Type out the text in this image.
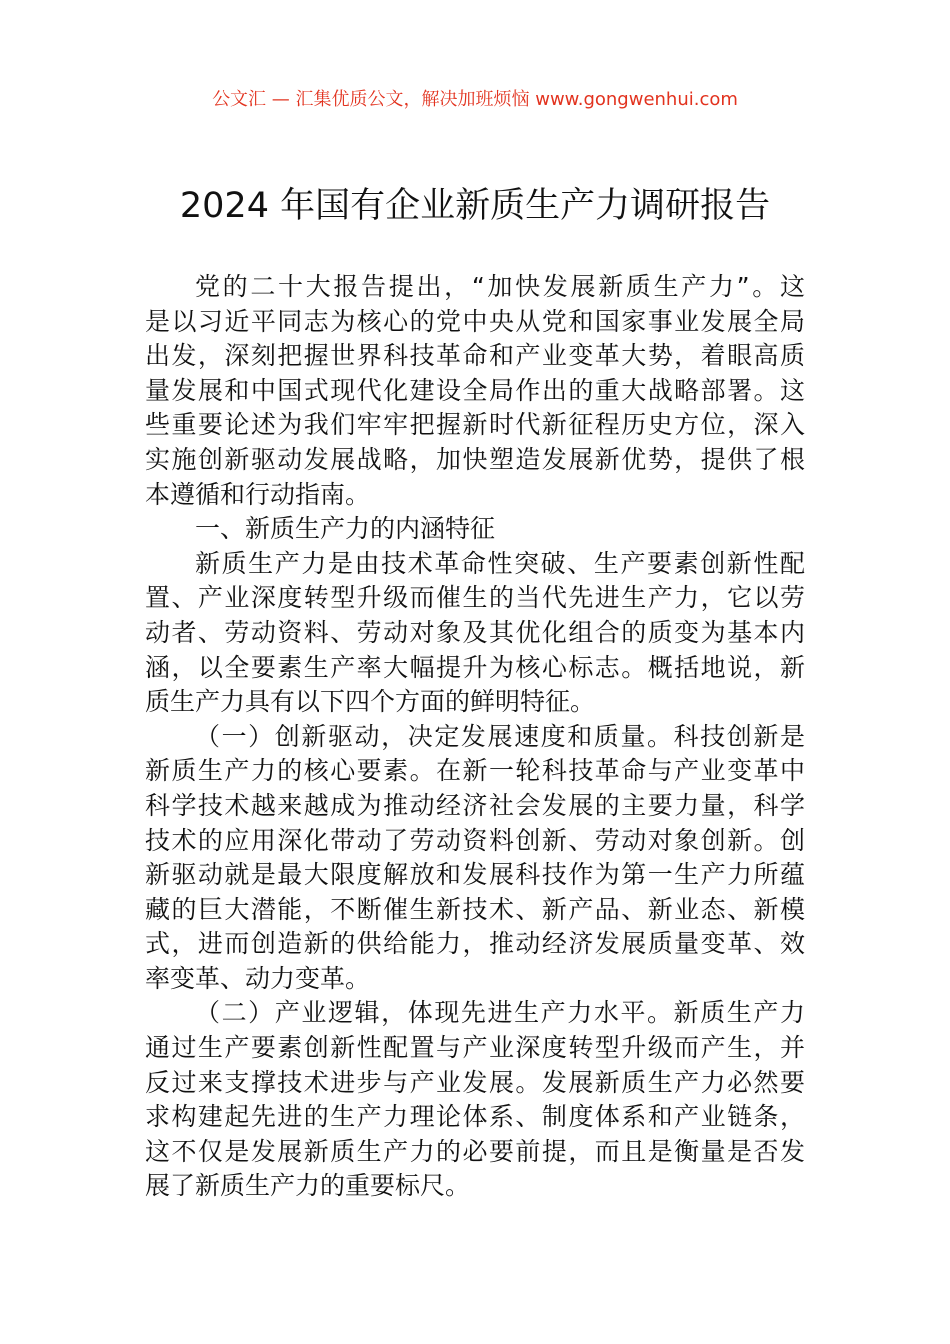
公文汇 — 汇集优质公文，解决加班烦恼 www.gongwenhui.com
2024 年国有企业新质生产力调研报告
党的二十大报告提出，“加快发展新质生产力”。这
是以习近平同志为核心的党中央从党和国家事业发展全局
出发，深刻把握世界科技革命和产业变革大势，着眼高质
量发展和中国式现代化建设全局作出的重大战略部署。这
些重要论述为我们牢牢把握新时代新征程历史方位，深入
实施创新驱动发展战略，加快塑造发展新优势，提供了根
本遵循和行动指南。
一、新质生产力的内涵特征
新质生产力是由技术革命性突破、生产要素创新性配
置、产业深度转型升级而催生的当代先进生产力，它以劳
动者、劳动资料、劳动对象及其优化组合的质变为基本内
涵，以全要素生产率大幅提升为核心标志。概括地说，新
质生产力具有以下四个方面的鲜明特征。
（一）创新驱动，决定发展速度和质量。科技创新是
新质生产力的核心要素。在新一轮科技革命与产业变革中
科学技术越来越成为推动经济社会发展的主要力量，科学
技术的应用深化带动了劳动资料创新、劳动对象创新。创
新驱动就是最大限度解放和发展科技作为第一生产力所蕴
藏的巨大潜能，不断催生新技术、新产品、新业态、新模
式，进而创造新的供给能力，推动经济发展质量变革、效
率变革、动力变革。
（二）产业逻辑，体现先进生产力水平。新质生产力
通过生产要素创新性配置与产业深度转型升级而产生，并
反过来支撑技术进步与产业发展。发展新质生产力必然要
求构建起先进的生产力理论体系、制度体系和产业链条，
这不仅是发展新质生产力的必要前提，而且是衡量是否发
展了新质生产力的重要标尺。
